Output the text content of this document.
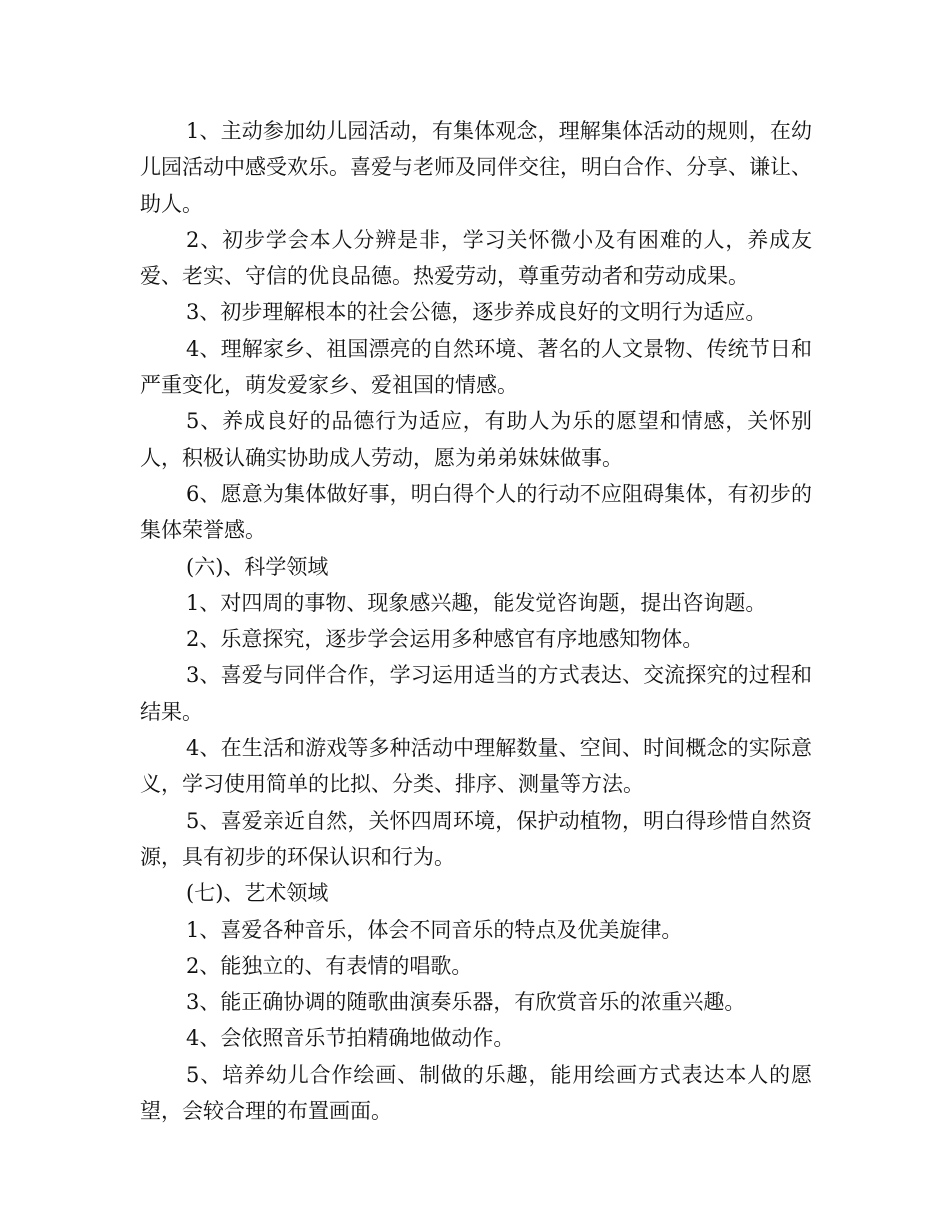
1、主动参加幼儿园活动，有集体观念，理解集体活动的规则，在幼儿园活动中感受欢乐。喜爱与老师及同伴交往，明白合作、分享、谦让、助人。

2、初步学会本人分辨是非，学习关怀微小及有困难的人，养成友爱、老实、守信的优良品德。热爱劳动，尊重劳动者和劳动成果。

3、初步理解根本的社会公德，逐步养成良好的文明行为适应。

4、理解家乡、祖国漂亮的自然环境、著名的人文景物、传统节日和严重变化，萌发爱家乡、爱祖国的情感。

5、养成良好的品德行为适应，有助人为乐的愿望和情感，关怀别人，积极认确实协助成人劳动，愿为弟弟妹妹做事。

6、愿意为集体做好事，明白得个人的行动不应阻碍集体，有初步的集体荣誉感。

(六)、科学领域

1、对四周的事物、现象感兴趣，能发觉咨询题，提出咨询题。

2、乐意探究，逐步学会运用多种感官有序地感知物体。

3、喜爱与同伴合作，学习运用适当的方式表达、交流探究的过程和结果。

4、在生活和游戏等多种活动中理解数量、空间、时间概念的实际意义，学习使用简单的比拟、分类、排序、测量等方法。

5、喜爱亲近自然，关怀四周环境，保护动植物，明白得珍惜自然资源，具有初步的环保认识和行为。

(七)、艺术领域

1、喜爱各种音乐，体会不同音乐的特点及优美旋律。

2、能独立的、有表情的唱歌。

3、能正确协调的随歌曲演奏乐器，有欣赏音乐的浓重兴趣。

4、会依照音乐节拍精确地做动作。

5、培养幼儿合作绘画、制做的乐趣，能用绘画方式表达本人的愿望，会较合理的布置画面。
